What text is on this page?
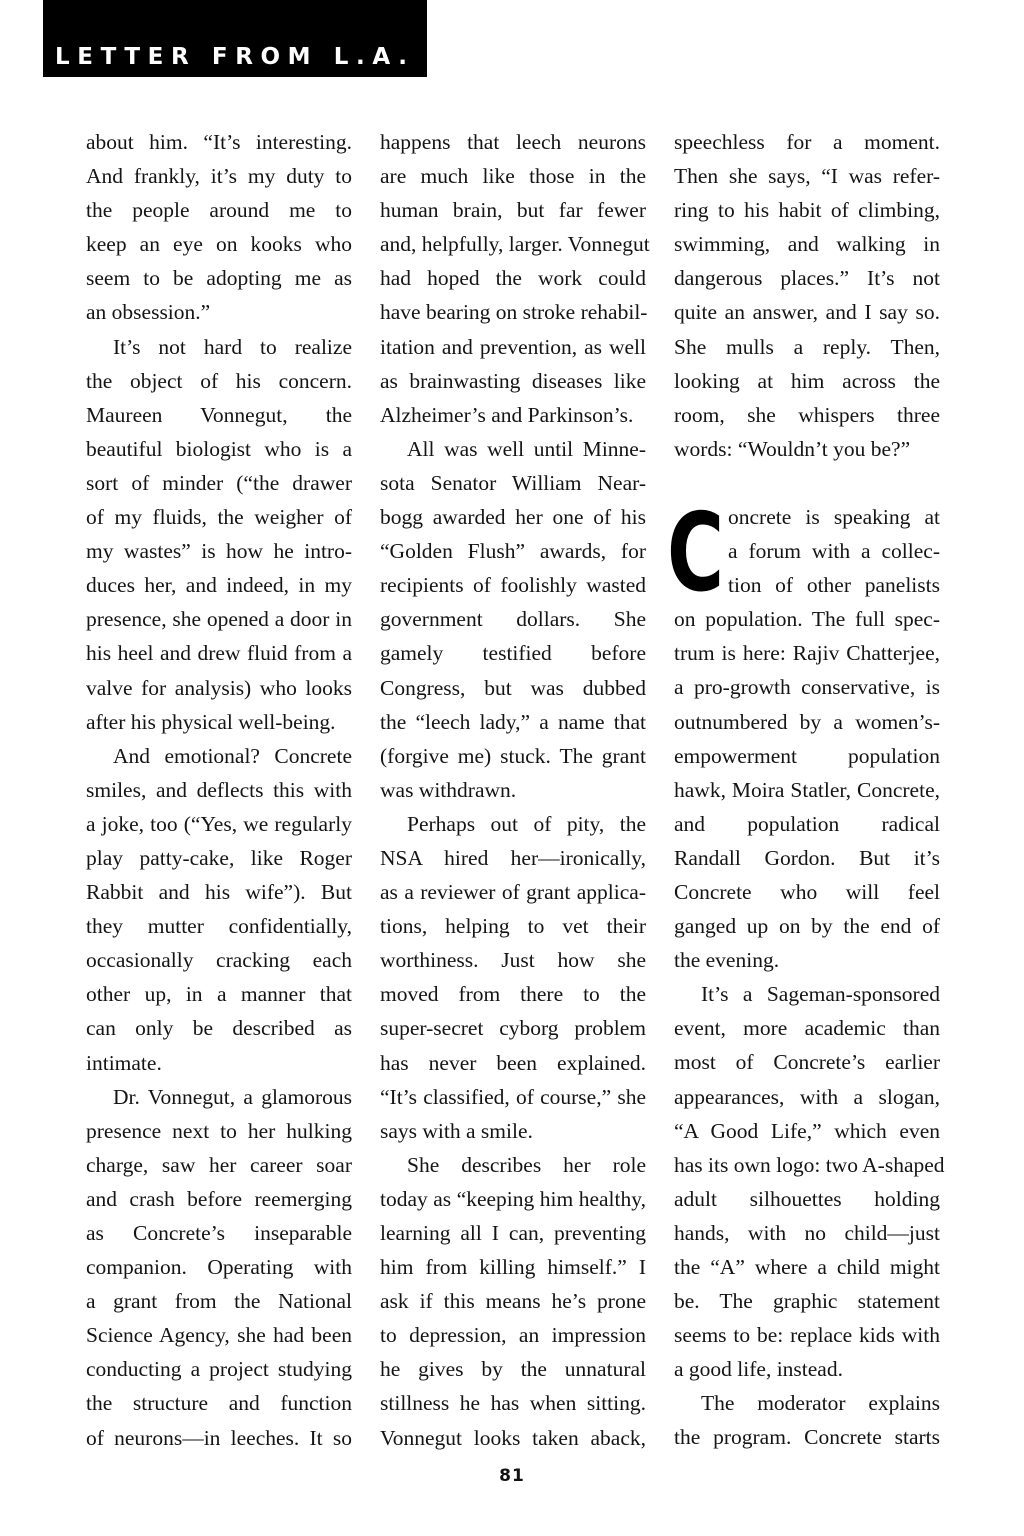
LETTER FROM L.A.
about him. “It’s interesting.
And frankly, it’s my duty to
the people around me to
keep an eye on kooks who
seem to be adopting me as
an obsession.”
It’s not hard to realize
the object of his concern.
Maureen Vonnegut, the
beautiful biologist who is a
sort of minder (“the drawer
of my fluids, the weigher of
my wastes” is how he intro-
duces her, and indeed, in my
presence, she opened a door in
his heel and drew fluid from a
valve for analysis) who looks
after his physical well-being.
And emotional? Concrete
smiles, and deflects this with
a joke, too (“Yes, we regularly
play patty-cake, like Roger
Rabbit and his wife”). But
they mutter confidentially,
occasionally cracking each
other up, in a manner that
can only be described as
intimate.
Dr. Vonnegut, a glamorous
presence next to her hulking
charge, saw her career soar
and crash before reemerging
as Concrete’s inseparable
companion. Operating with
a grant from the National
Science Agency, she had been
conducting a project studying
the structure and function
of neurons—in leeches. It so
happens that leech neurons
are much like those in the
human brain, but far fewer
and, helpfully, larger. Vonnegut
had hoped the work could
have bearing on stroke rehabil-
itation and prevention, as well
as brainwasting diseases like
Alzheimer’s and Parkinson’s.
All was well until Minne-
sota Senator William Near-
bogg awarded her one of his
“Golden Flush” awards, for
recipients of foolishly wasted
government dollars. She
gamely testified before
Congress, but was dubbed
the “leech lady,” a name that
(forgive me) stuck. The grant
was withdrawn.
Perhaps out of pity, the
NSA hired her—ironically,
as a reviewer of grant applica-
tions, helping to vet their
worthiness. Just how she
moved from there to the
super-secret cyborg problem
has never been explained.
“It’s classified, of course,” she
says with a smile.
She describes her role
today as “keeping him healthy,
learning all I can, preventing
him from killing himself.” I
ask if this means he’s prone
to depression, an impression
he gives by the unnatural
stillness he has when sitting.
Vonnegut looks taken aback,
speechless for a moment.
Then she says, “I was refer-
ring to his habit of climbing,
swimming, and walking in
dangerous places.” It’s not
quite an answer, and I say so.
She mulls a reply. Then,
looking at him across the
room, she whispers three
words: “Wouldn’t you be?”
C oncrete is speaking at
a forum with a collec-
tion of other panelists
on population. The full spec-
trum is here: Rajiv Chatterjee,
a pro-growth conservative, is
outnumbered by a women’s-
empowerment population
hawk, Moira Statler, Concrete,
and population radical
Randall Gordon. But it’s
Concrete who will feel
ganged up on by the end of
the evening.
It’s a Sageman-sponsored
event, more academic than
most of Concrete’s earlier
appearances, with a slogan,
“A Good Life,” which even
has its own logo: two A-shaped
adult silhouettes holding
hands, with no child—just
the “A” where a child might
be. The graphic statement
seems to be: replace kids with
a good life, instead.
The moderator explains
the program. Concrete starts
81
